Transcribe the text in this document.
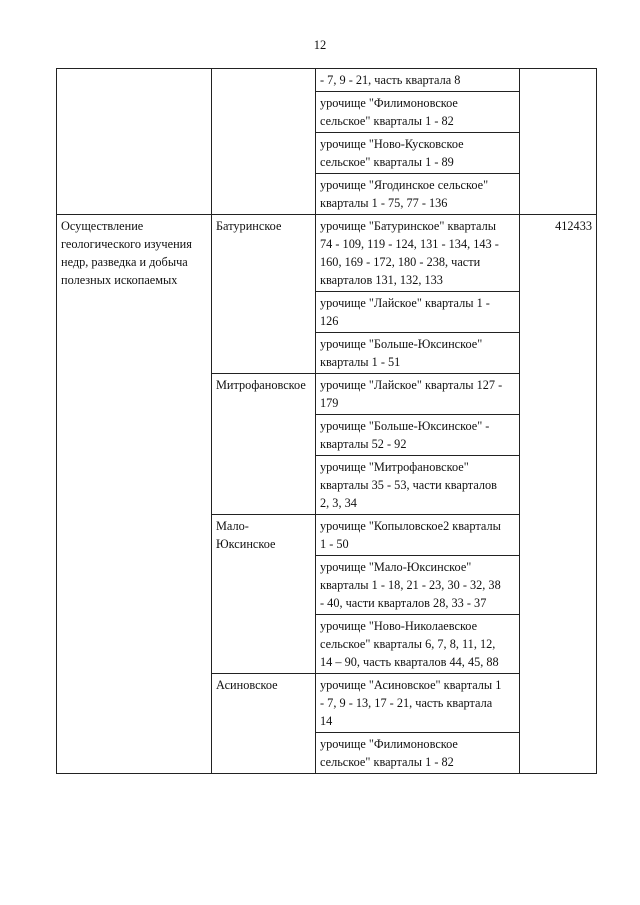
12
		- 7, 9 - 21, часть квартала 8	
		урочище "Филимоновское
сельское" кварталы 1 - 82	
		урочище "Ново-Кусковское
сельское" кварталы 1 - 89	
		урочище "Ягодинское сельское"
кварталы 1 - 75, 77 - 136	
Осуществление
геологического изучения
недр, разведка и добыча
полезных ископаемых	Батуринское	урочище "Батуринское" кварталы
74 - 109, 119 - 124, 131 - 134, 143 -
160, 169 - 172, 180 - 238, части
кварталов 131, 132, 133	412433
		урочище "Лайское" кварталы 1 -
126	
		урочище "Больше-Юксинское"
кварталы 1 - 51	
	Митрофановское	урочище "Лайское" кварталы 127 -
179	
		урочище "Больше-Юксинское" -
кварталы 52 - 92	
		урочище "Митрофановское"
кварталы 35 - 53, части кварталов
2, 3, 34	
	Мало-
Юксинское	урочище "Копыловское2 кварталы
1 - 50	
		урочище "Мало-Юксинское"
кварталы 1 - 18, 21 - 23, 30 - 32, 38
- 40, части кварталов 28, 33 - 37	
		урочище "Ново-Николаевское
сельское" кварталы 6, 7, 8, 11, 12,
14 – 90, часть кварталов 44, 45, 88	
	Асиновское	урочище "Асиновское" кварталы 1
- 7, 9 - 13, 17 - 21, часть квартала
14	
		урочище "Филимоновское
сельское" кварталы 1 - 82	
